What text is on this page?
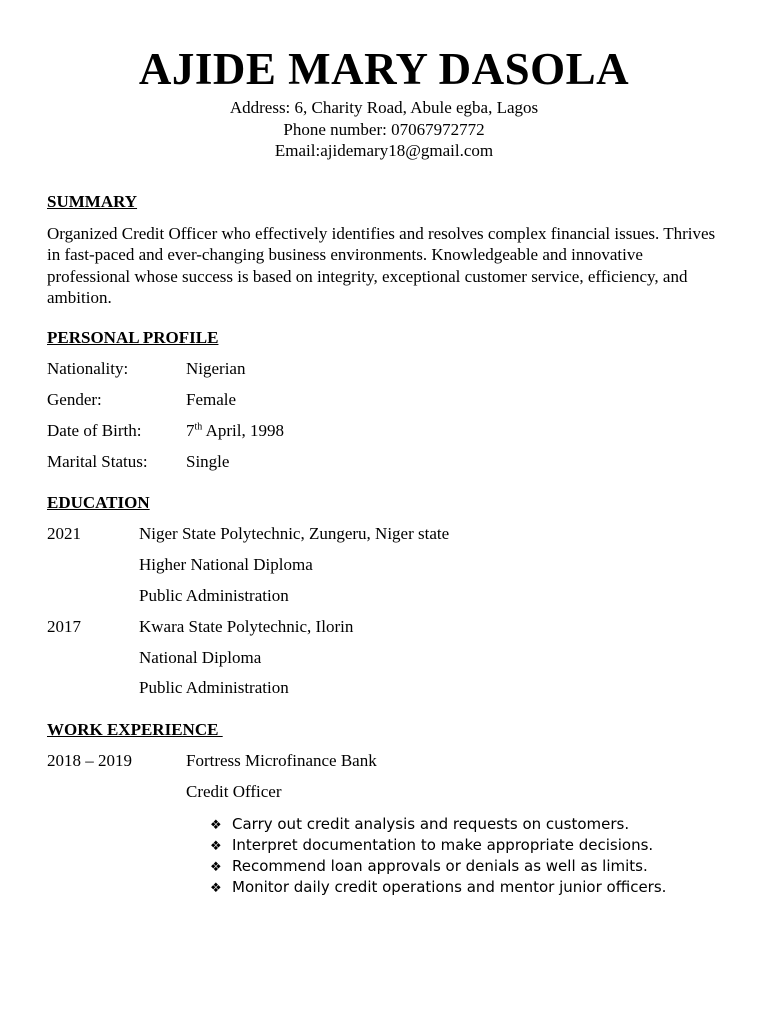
AJIDE MARY DASOLA
Address: 6, Charity Road, Abule egba, Lagos
Phone number: 07067972772
Email:ajidemary18@gmail.com
SUMMARY
Organized Credit Officer who effectively identifies and resolves complex financial issues. Thrives in fast-paced and ever-changing business environments. Knowledgeable and innovative professional whose success is based on integrity, exceptional customer service, efficiency, and ambition.
PERSONAL PROFILE
Nationality:	Nigerian
Gender:	Female
Date of Birth:	7th April, 1998
Marital Status: Single
EDUCATION
2021	Niger State Polytechnic, Zungeru, Niger state
Higher National Diploma
Public Administration
2017	Kwara State Polytechnic, Ilorin
National Diploma
Public Administration
WORK EXPERIENCE
2018 – 2019	Fortress Microfinance Bank
Credit Officer
❖ Carry out credit analysis and requests on customers.
❖ Interpret documentation to make appropriate decisions.
❖ Recommend loan approvals or denials as well as limits.
❖ Monitor daily credit operations and mentor junior officers.
